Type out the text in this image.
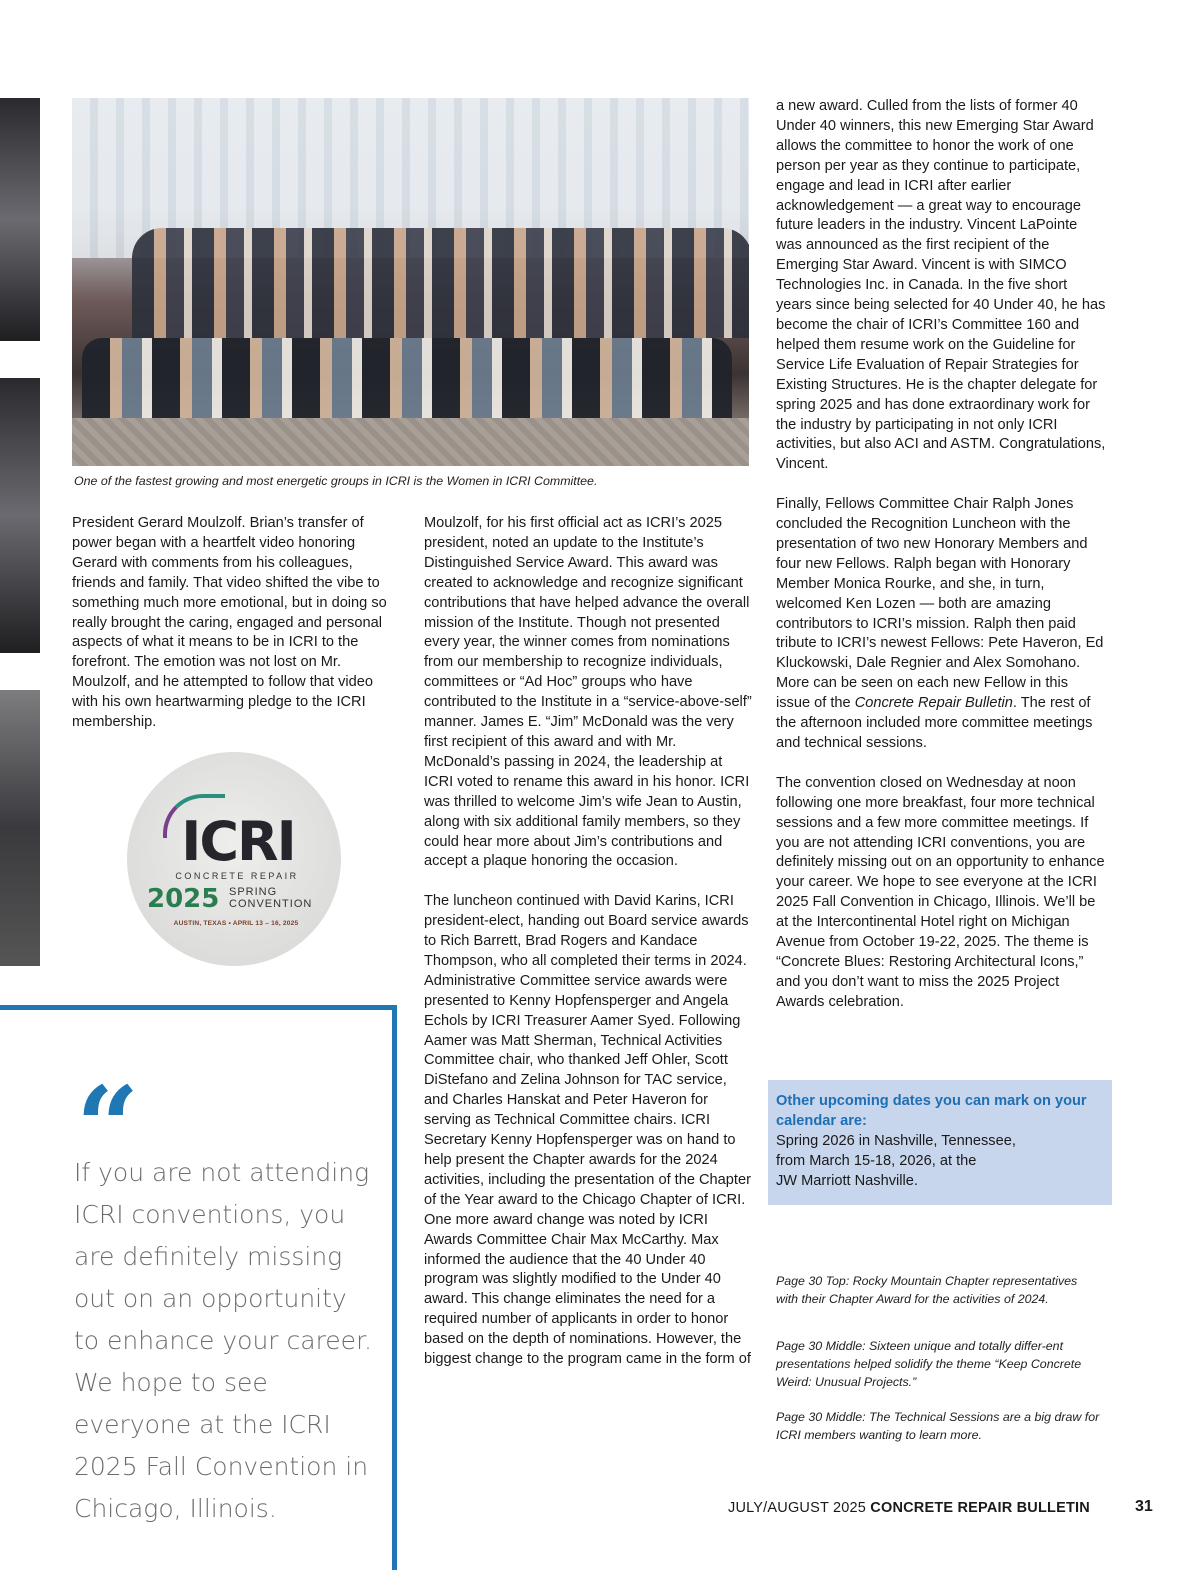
One of the fastest growing and most energetic groups in ICRI is the Women in ICRI Committee.
ICRI
CONCRETE REPAIR
2025 SPRING
CONVENTION
AUSTIN, TEXAS • APRIL 13 – 16, 2025

President Gerard Moulzolf. Brian’s transfer of power began with a heartfelt video honoring Gerard with comments from his colleagues, friends and family. That video shifted the vibe to something much more emotional, but in doing so really brought the caring, engaged and personal aspects of what it means to be in ICRI to the forefront. The emotion was not lost on Mr. Moulzolf, and he attempted to follow that video with his own heartwarming pledge to the ICRI membership.

“
If you are not attending ICRI conventions, you are definitely missing out on an opportunity to enhance your career. We hope to see everyone at the ICRI 2025 Fall Convention in Chicago, Illinois.

Moulzolf, for his first official act as ICRI’s 2025 president, noted an update to the Institute’s Distinguished Service Award. This award was created to acknowledge and recognize significant contributions that have helped advance the overall mission of the Institute. Though not presented every year, the winner comes from nominations from our membership to recognize individuals, committees or “Ad Hoc” groups who have contributed to the Institute in a “service-above-self” manner. James E. “Jim” McDonald was the very first recipient of this award and with Mr. McDonald’s passing in 2024, the leadership at ICRI voted to rename this award in his honor. ICRI was thrilled to welcome Jim’s wife Jean to Austin, along with six additional family members, so they could hear more about Jim’s contributions and accept a plaque honoring the occasion.

The luncheon continued with David Karins, ICRI president-elect, handing out Board service awards to Rich Barrett, Brad Rogers and Kandace Thompson, who all completed their terms in 2024. Administrative Committee service awards were presented to Kenny Hopfensperger and Angela Echols by ICRI Treasurer Aamer Syed. Following Aamer was Matt Sherman, Technical Activities Committee chair, who thanked Jeff Ohler, Scott DiStefano and Zelina Johnson for TAC service, and Charles Hanskat and Peter Haveron for serving as Technical Committee chairs. ICRI Secretary Kenny Hopfensperger was on hand to help present the Chapter awards for the 2024 activities, including the presentation of the Chapter of the Year award to the Chicago Chapter of ICRI. One more award change was noted by ICRI Awards Committee Chair Max McCarthy. Max informed the audience that the 40 Under 40 program was slightly modified to the Under 40 award. This change eliminates the need for a required number of applicants in order to honor based on the depth of nominations. However, the biggest change to the program came in the form of

a new award. Culled from the lists of former 40 Under 40 winners, this new Emerging Star Award allows the committee to honor the work of one person per year as they continue to participate, engage and lead in ICRI after earlier acknowledgement — a great way to encourage future leaders in the industry. Vincent LaPointe was announced as the first recipient of the Emerging Star Award. Vincent is with SIMCO Technologies Inc. in Canada. In the five short years since being selected for 40 Under 40, he has become the chair of ICRI’s Committee 160 and helped them resume work on the Guideline for Service Life Evaluation of Repair Strategies for Existing Structures. He is the chapter delegate for spring 2025 and has done extraordinary work for the industry by participating in not only ICRI activities, but also ACI and ASTM. Congratulations, Vincent.

Finally, Fellows Committee Chair Ralph Jones concluded the Recognition Luncheon with the presentation of two new Honorary Members and four new Fellows. Ralph began with Honorary Member Monica Rourke, and she, in turn, welcomed Ken Lozen — both are amazing contributors to ICRI’s mission. Ralph then paid tribute to ICRI’s newest Fellows: Pete Haveron, Ed Kluckowski, Dale Regnier and Alex Somohano. More can be seen on each new Fellow in this issue of the Concrete Repair Bulletin. The rest of the afternoon included more committee meetings and technical sessions.

The convention closed on Wednesday at noon following one more breakfast, four more technical sessions and a few more committee meetings. If you are not attending ICRI conventions, you are definitely missing out on an opportunity to enhance your career. We hope to see everyone at the ICRI 2025 Fall Convention in Chicago, Illinois. We’ll be at the Intercontinental Hotel right on Michigan Avenue from October 19-22, 2025. The theme is “Concrete Blues: Restoring Architectural Icons,” and you don’t want to miss the 2025 Project Awards celebration.

Other upcoming dates you can mark on your calendar are:
Spring 2026 in Nashville, Tennessee,
from March 15-18, 2026, at the
JW Marriott Nashville.
Page 30 Top: Rocky Mountain Chapter representatives with their Chapter Award for the activities of 2024.
Page 30 Middle: Sixteen unique and totally differ-ent presentations helped solidify the theme “Keep Concrete Weird: Unusual Projects.”
Page 30 Middle: The Technical Sessions are a big draw for ICRI members wanting to learn more.
JULY/AUGUST 2025 CONCRETE REPAIR BULLETIN	31
